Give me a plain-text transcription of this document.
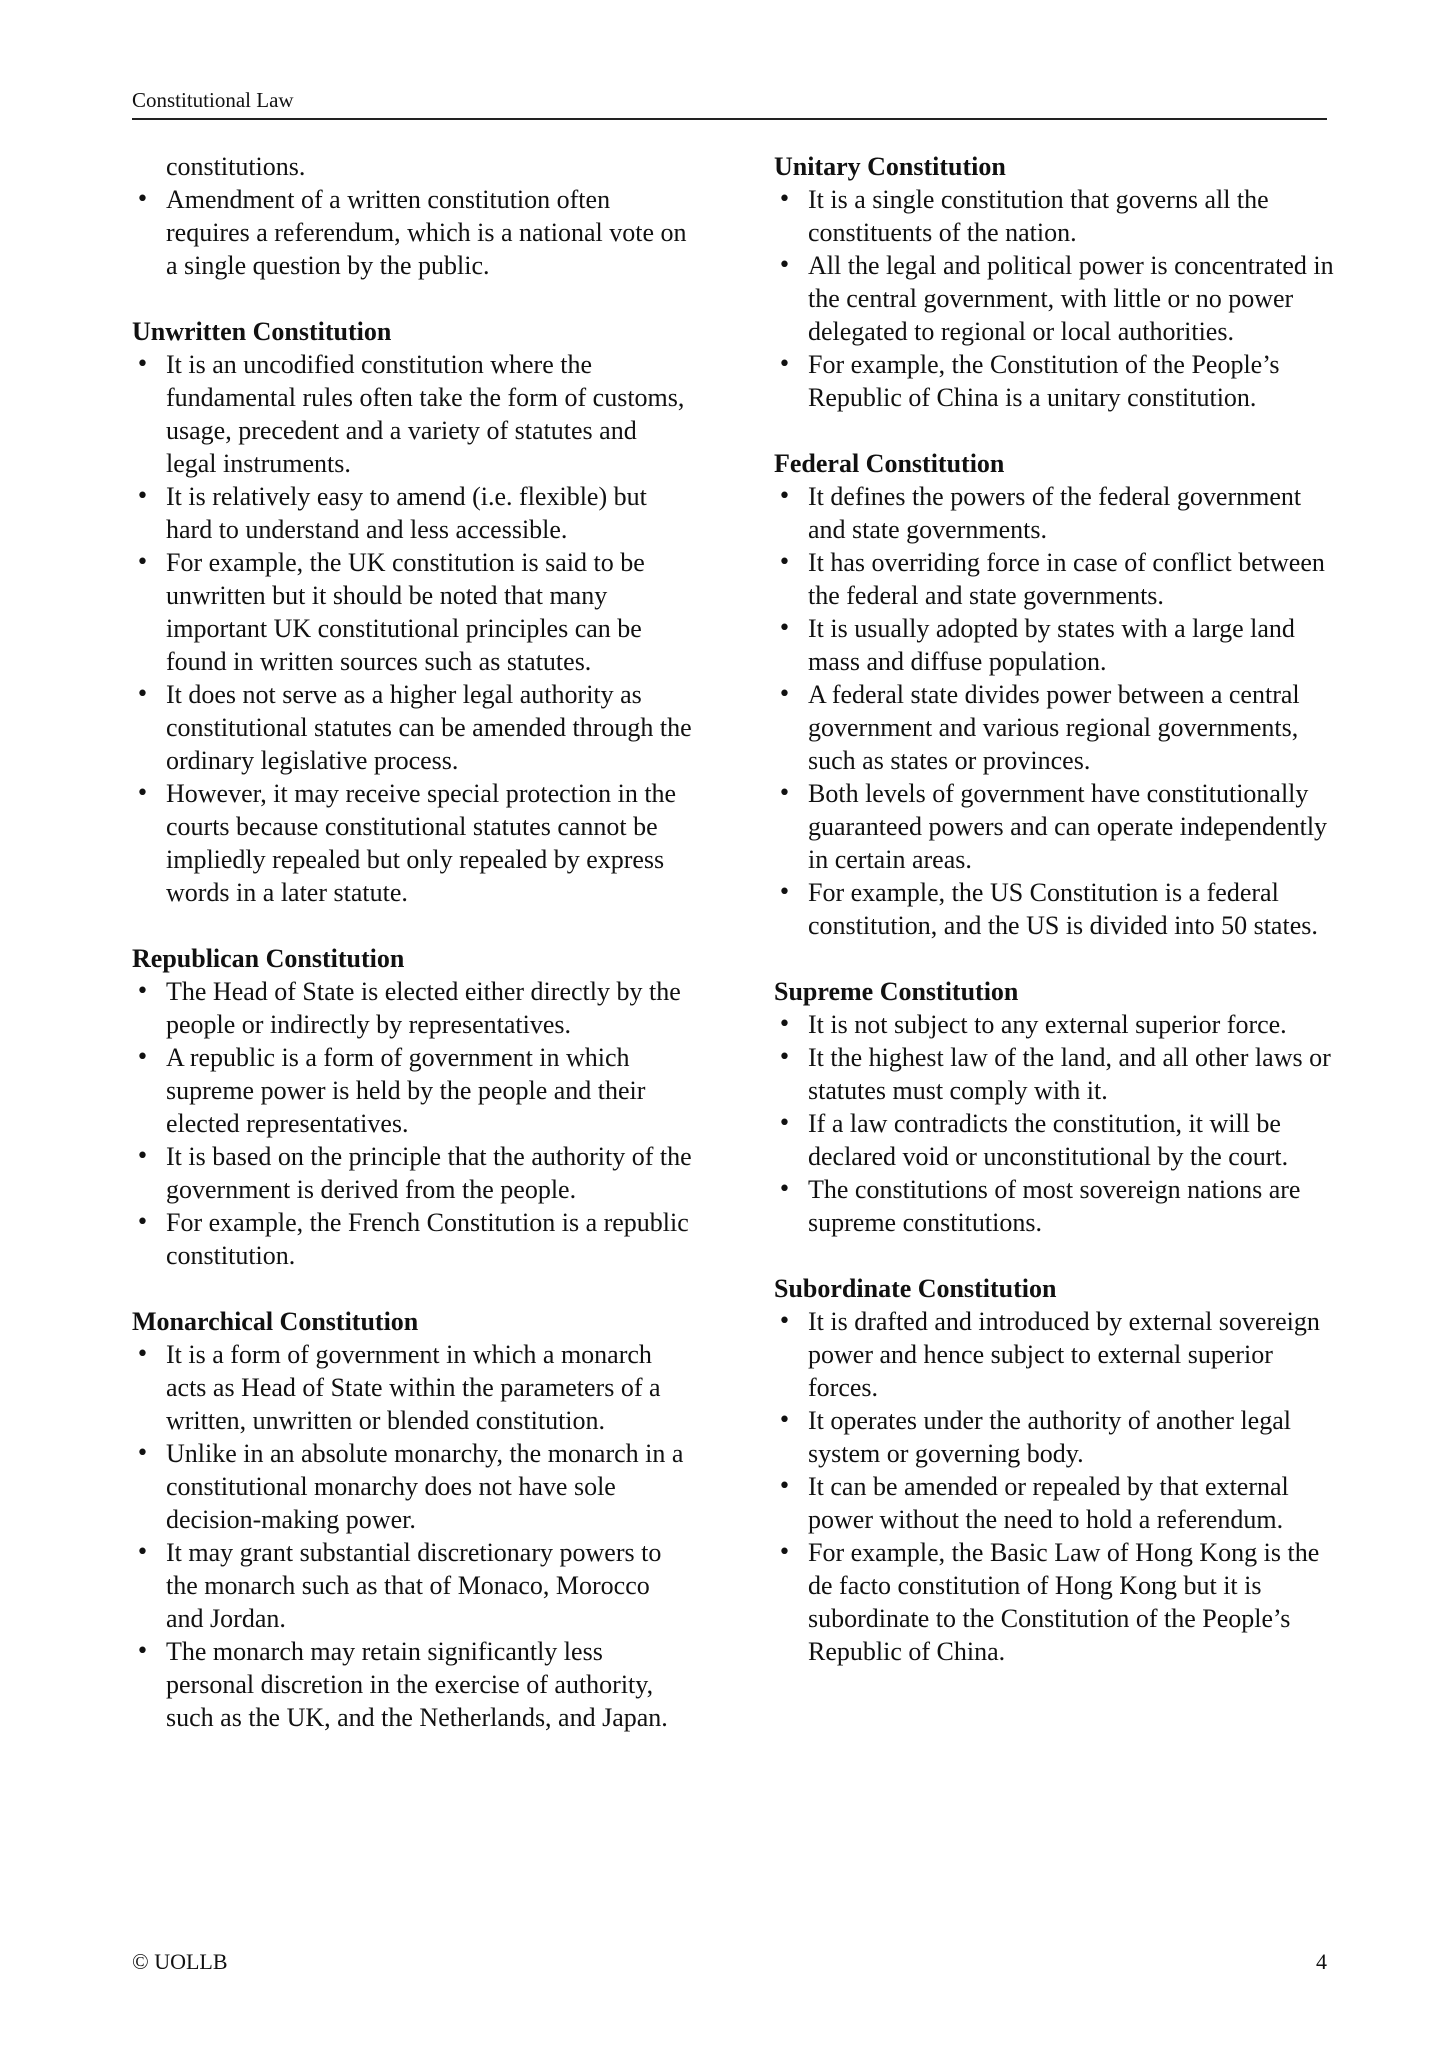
Constitutional Law

constitutions.

• Amendment of a written constitution often requires a referendum, which is a national vote on a single question by the public.

Unwritten Constitution

• It is an uncodified constitution where the fundamental rules often take the form of customs, usage, precedent and a variety of statutes and legal instruments.
• It is relatively easy to amend (i.e. flexible) but hard to understand and less accessible.
• For example, the UK constitution is said to be unwritten but it should be noted that many important UK constitutional principles can be found in written sources such as statutes.
• It does not serve as a higher legal authority as constitutional statutes can be amended through the ordinary legislative process.
• However, it may receive special protection in the courts because constitutional statutes cannot be impliedly repealed but only repealed by express words in a later statute.

Republican Constitution

• The Head of State is elected either directly by the people or indirectly by representatives.
• A republic is a form of government in which supreme power is held by the people and their elected representatives.
• It is based on the principle that the authority of the government is derived from the people.
• For example, the French Constitution is a republic constitution.

Monarchical Constitution

• It is a form of government in which a monarch acts as Head of State within the parameters of a written, unwritten or blended constitution.
• Unlike in an absolute monarchy, the monarch in a constitutional monarchy does not have sole decision-making power.
• It may grant substantial discretionary powers to the monarch such as that of Monaco, Morocco and Jordan.
• The monarch may retain significantly less personal discretion in the exercise of authority, such as the UK, and the Netherlands, and Japan.

Unitary Constitution

• It is a single constitution that governs all the constituents of the nation.
• All the legal and political power is concentrated in the central government, with little or no power delegated to regional or local authorities.
• For example, the Constitution of the People’s Republic of China is a unitary constitution.

Federal Constitution

• It defines the powers of the federal government and state governments.
• It has overriding force in case of conflict between the federal and state governments.
• It is usually adopted by states with a large land mass and diffuse population.
• A federal state divides power between a central government and various regional governments, such as states or provinces.
• Both levels of government have constitutionally guaranteed powers and can operate independently in certain areas.
• For example, the US Constitution is a federal constitution, and the US is divided into 50 states.

Supreme Constitution

• It is not subject to any external superior force.
• It the highest law of the land, and all other laws or statutes must comply with it.
• If a law contradicts the constitution, it will be declared void or unconstitutional by the court.
• The constitutions of most sovereign nations are supreme constitutions.

Subordinate Constitution

• It is drafted and introduced by external sovereign power and hence subject to external superior forces.
• It operates under the authority of another legal system or governing body.
• It can be amended or repealed by that external power without the need to hold a referendum.
• For example, the Basic Law of Hong Kong is the de facto constitution of Hong Kong but it is subordinate to the Constitution of the People’s Republic of China.
© UOLLB	4
